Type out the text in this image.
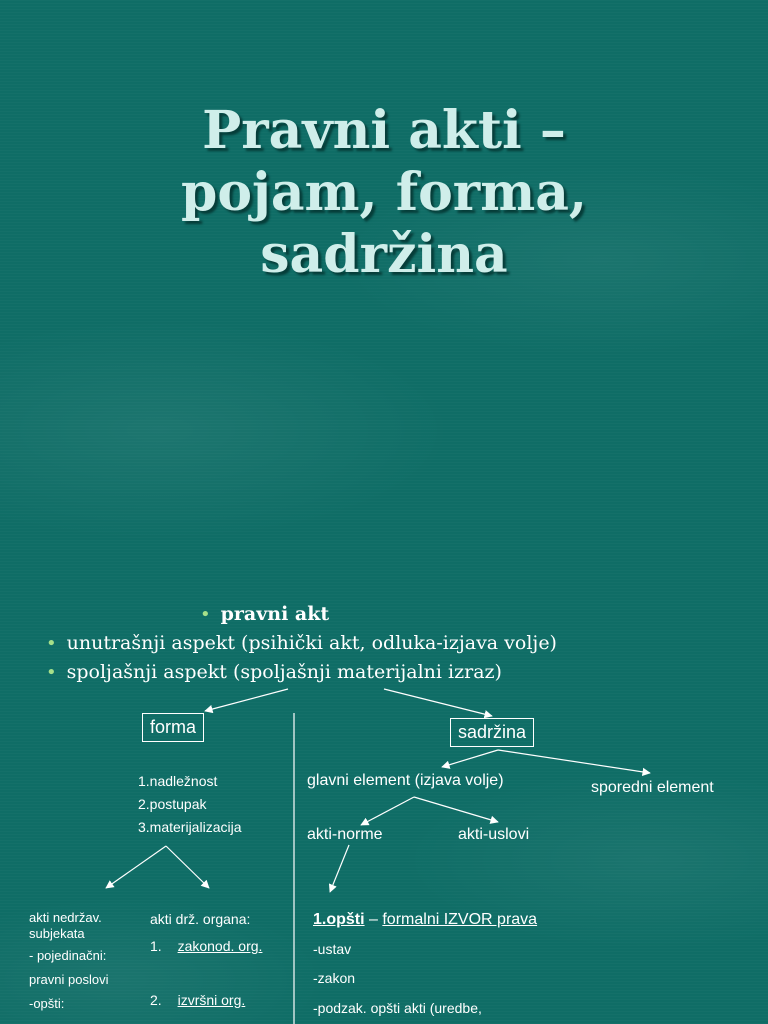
Pravni akti –
pojam, forma,
sadržina
• pravni akt
• unutrašnji aspekt (psihički akt, odluka-izjava volje)
• spoljašnji aspekt (spoljašnji materijalni izraz)
forma
1.nadležnost
2.postupak
3.materijalizacija
sadržina
glavni element (izjava volje)	sporedni element
akti-norme	akti-uslovi
akti nedržav.
subjekata
- pojedinačni:
pravni poslovi
-opšti:
akti drž. organa:
1. zakonod. org.
2. izvršni org.
1.opšti – formalni IZVOR prava
-ustav
-zakon
-podzak. opšti akti (uredbe,
